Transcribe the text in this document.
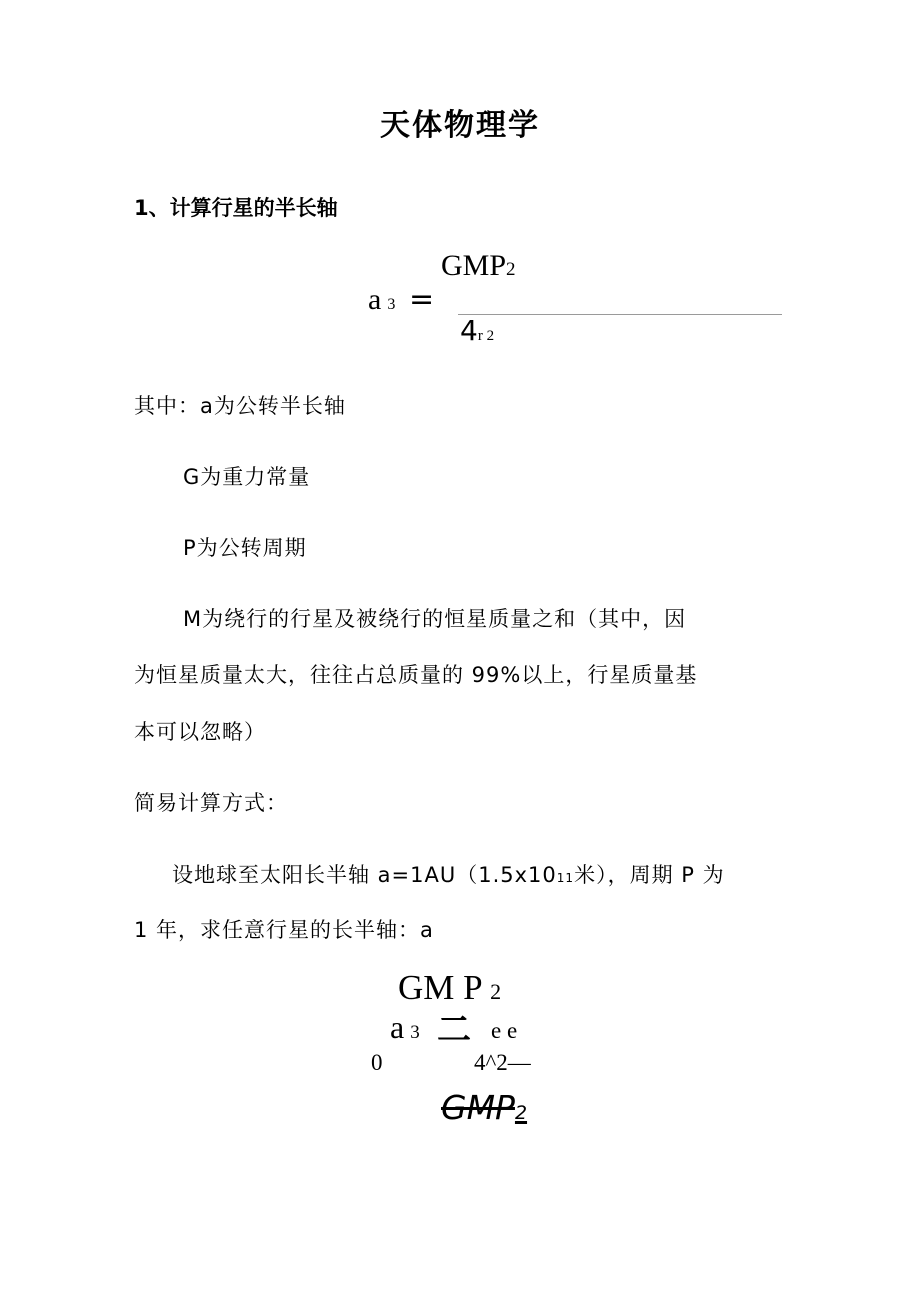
天体物理学
1、计算行星的半长轴
GMP2
a 3 =
4r 2
其中：a为公转半长轴
G为重力常量
P为公转周期
M为绕行的行星及被绕行的恒星质量之和（其中，因
为恒星质量太大，往往占总质量的 99%以上，行星质量基
本可以忽略）
简易计算方式：
设地球至太阳长半轴 a=1AU（1.5x1011米），周期 P 为
1 年，求任意行星的长半轴：a
GM P 2
a 3 二 e e
0	4^2—
GMP2
